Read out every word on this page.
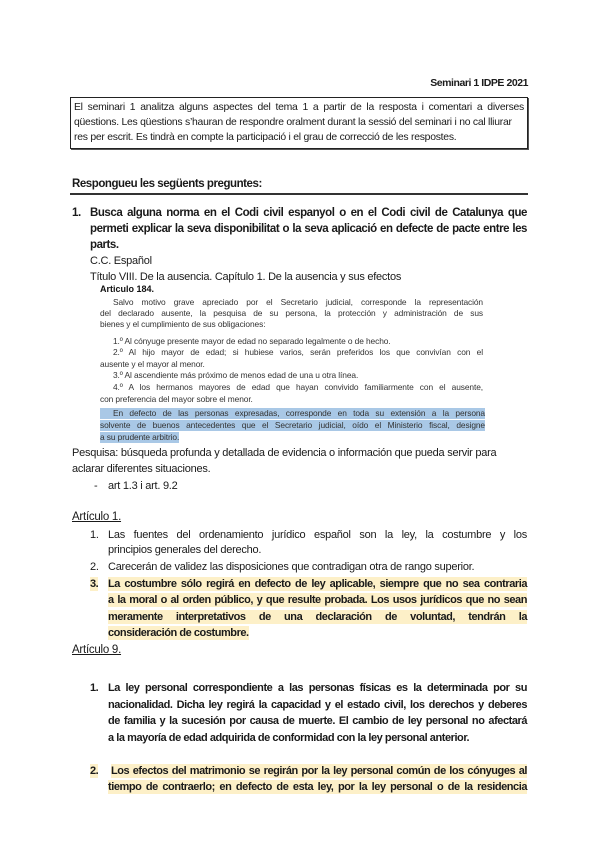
Seminari 1 IDPE 2021
El seminari 1 analitza alguns aspectes del tema 1 a partir de la resposta i comentari a diverses
qüestions. Les qüestions s’hauran de respondre oralment durant la sessió del seminari i no cal lliurar
res per escrit. Es tindrà en compte la participació i el grau de correcció de les respostes.
Respongueu les següents preguntes:
1. Busca alguna norma en el Codi civil espanyol o en el Codi civil de Catalunya que
permeti explicar la seva disponibilitat o la seva aplicació en defecte de pacte entre les
parts.
C.C. Español
Título VIII. De la ausencia. Capítulo 1. De la ausencia y sus efectos
Articulo 184.
Salvo motivo grave apreciado por el Secretario judicial, corresponde la representación
del declarado ausente, la pesquisa de su persona, la protección y administración de sus
bienes y el cumplimiento de sus obligaciones:
1.º Al cónyuge presente mayor de edad no separado legalmente o de hecho.
2.º Al hijo mayor de edad; si hubiese varios, serán preferidos los que convivían con el
ausente y el mayor al menor.
3.º Al ascendiente más próximo de menos edad de una u otra línea.
4.º A los hermanos mayores de edad que hayan convivido familiarmente con el ausente,
con preferencia del mayor sobre el menor.
En defecto de las personas expresadas, corresponde en toda su extensión a la persona
solvente de buenos antecedentes que el Secretario judicial, oído el Ministerio fiscal, designe
a su prudente arbitrio.
Pesquisa: búsqueda profunda y detallada de evidencia o información que pueda servir para
aclarar diferentes situaciones.
- art 1.3 i art. 9.2
Artículo 1.
1. Las fuentes del ordenamiento jurídico español son la ley, la costumbre y los
principios generales del derecho.
2. Carecerán de validez las disposiciones que contradigan otra de rango superior.
3. La costumbre sólo regirá en defecto de ley aplicable, siempre que no sea contraria
a la moral o al orden público, y que resulte probada. Los usos jurídicos que no sean
meramente interpretativos de una declaración de voluntad, tendrán la
consideración de costumbre.
Artículo 9.
1. La ley personal correspondiente a las personas físicas es la determinada por su
nacionalidad. Dicha ley regirá la capacidad y el estado civil, los derechos y deberes
de familia y la sucesión por causa de muerte. El cambio de ley personal no afectará
a la mayoría de edad adquirida de conformidad con la ley personal anterior.
2. Los efectos del matrimonio se regirán por la ley personal común de los cónyuges al
tiempo de contraerlo; en defecto de esta ley, por la ley personal o de la residencia
